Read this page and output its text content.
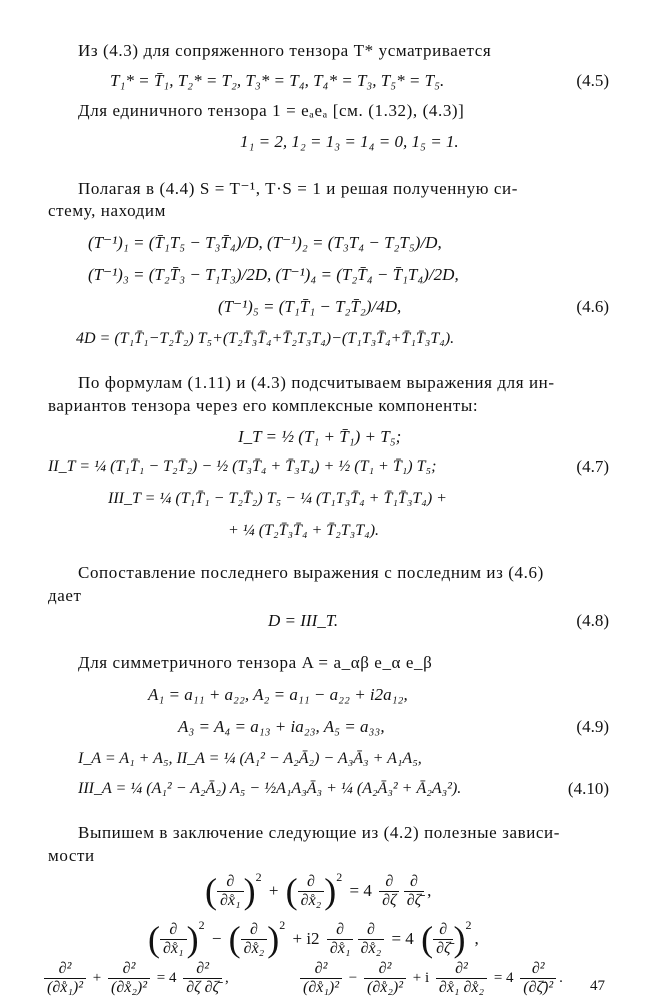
Из (4.3) для сопряженного тензора T* усматривается
T₁* = T̄₁, T₂* = T₂, T₃* = T₄, T₄* = T₃, T₅* = T₅.	(4.5)
Для единичного тензора 1 = eₐeₐ [см. (1.32), (4.3)]
1₁ = 2, 1₂ = 1₃ = 1₄ = 0, 1₅ = 1.
Полагая в (4.4) S = T⁻¹, T·S = 1 и решая полученную си-
стему, находим
(T⁻¹)₁ = (T̄₁T₅ − T₃T̄₄)/D, (T⁻¹)₂ = (T₃T₄ − T₂T₅)/D,
(T⁻¹)₃ = (T₂T̄₃ − T₁T₃)/2D, (T⁻¹)₄ = (T₂T̄₄ − T̄₁T₄)/2D,
(T⁻¹)₅ = (T₁T̄₁ − T₂T̄₂)/4D,	(4.6)
4D = (T₁T̄₁−T₂T̄₂) T₅+(T₂T̄₃T̄₄+T̄₂T₃T₄)−(T₁T₃T̄₄+T̄₁T̄₃T₄).
По формулам (1.11) и (4.3) подсчитываем выражения для ин-
вариантов тензора через его комплексные компоненты:
I_T = ½ (T₁ + T̄₁) + T₅;
II_T = ¼ (T₁T̄₁ − T₂T̄₂) − ½ (T₃T̄₄ + T̄₃T₄) + ½ (T₁ + T̄₁) T₅;	(4.7)
III_T = ¼ (T₁T̄₁ − T₂T̄₂) T₅ − ¼ (T₁T₃T̄₄ + T̄₁T̄₃T₄) +
+ ¼ (T₂T̄₃T̄₄ + T̄₂T₃T₄).
Сопоставление последнего выражения с последним из (4.6)
дает
D = III_T.	(4.8)
Для симметричного тензора A = a_αβ e_α e_β
A₁ = a₁₁ + a₂₂, A₂ = a₁₁ − a₂₂ + i2a₁₂,
A₃ = A₄ = a₁₃ + ia₂₃, A₅ = a₃₃,	(4.9)
I_A = A₁ + A₅, II_A = ¼ (A₁² − A₂Ā₂) − A₃Ā₃ + A₁A₅,
III_A = ¼ (A₁² − A₂Ā₂) A₅ − ½A₁A₃Ā₃ + ¼ (A₂Ā₃² + Ā₂A₃²).	(4.10)
Выпишем в заключение следующие из (4.2) полезные зависи-
мости
( $\frac{\partial}{\text{∂x̊₁}} )^2$ + ( $\frac{\partial}{\text{∂x̊₂}} )^2 = 4 \frac{\partial}{\partial\zeta}$
$\frac{\partial}{\partial\zetā}$ ,
( $\frac{\partial}{\text{∂x̊₁}} )^2$ − ( $\frac{\partial}{\text{∂x̊₂}} )^2 + i2 \frac{\partial}{\text{∂x̊₁}}$
$\frac{\partial}{\text{∂x̊₂}} = 4$ ( $\frac{\partial}{\partial\zetā} )^2$,
$\frac{\text{∂²}}{\text{(∂x̊₁)²}} + \frac{\text{∂²}}{\text{(∂x̊₂)²}} = 4 \frac{\text{∂²}}{\partial\zeta \partial\zetā}$ ,	$\frac{\text{∂²}}{\text{(∂x̊₁)²}} - \frac{\text{∂²}}{\text{(∂x̊₂)²}} + i \frac{\text{∂²}}{\text{∂x̊₁ ∂x̊₂}} = 4 \frac{\text{∂²}}{\text{(∂ζ̄)²}}$ . 47
